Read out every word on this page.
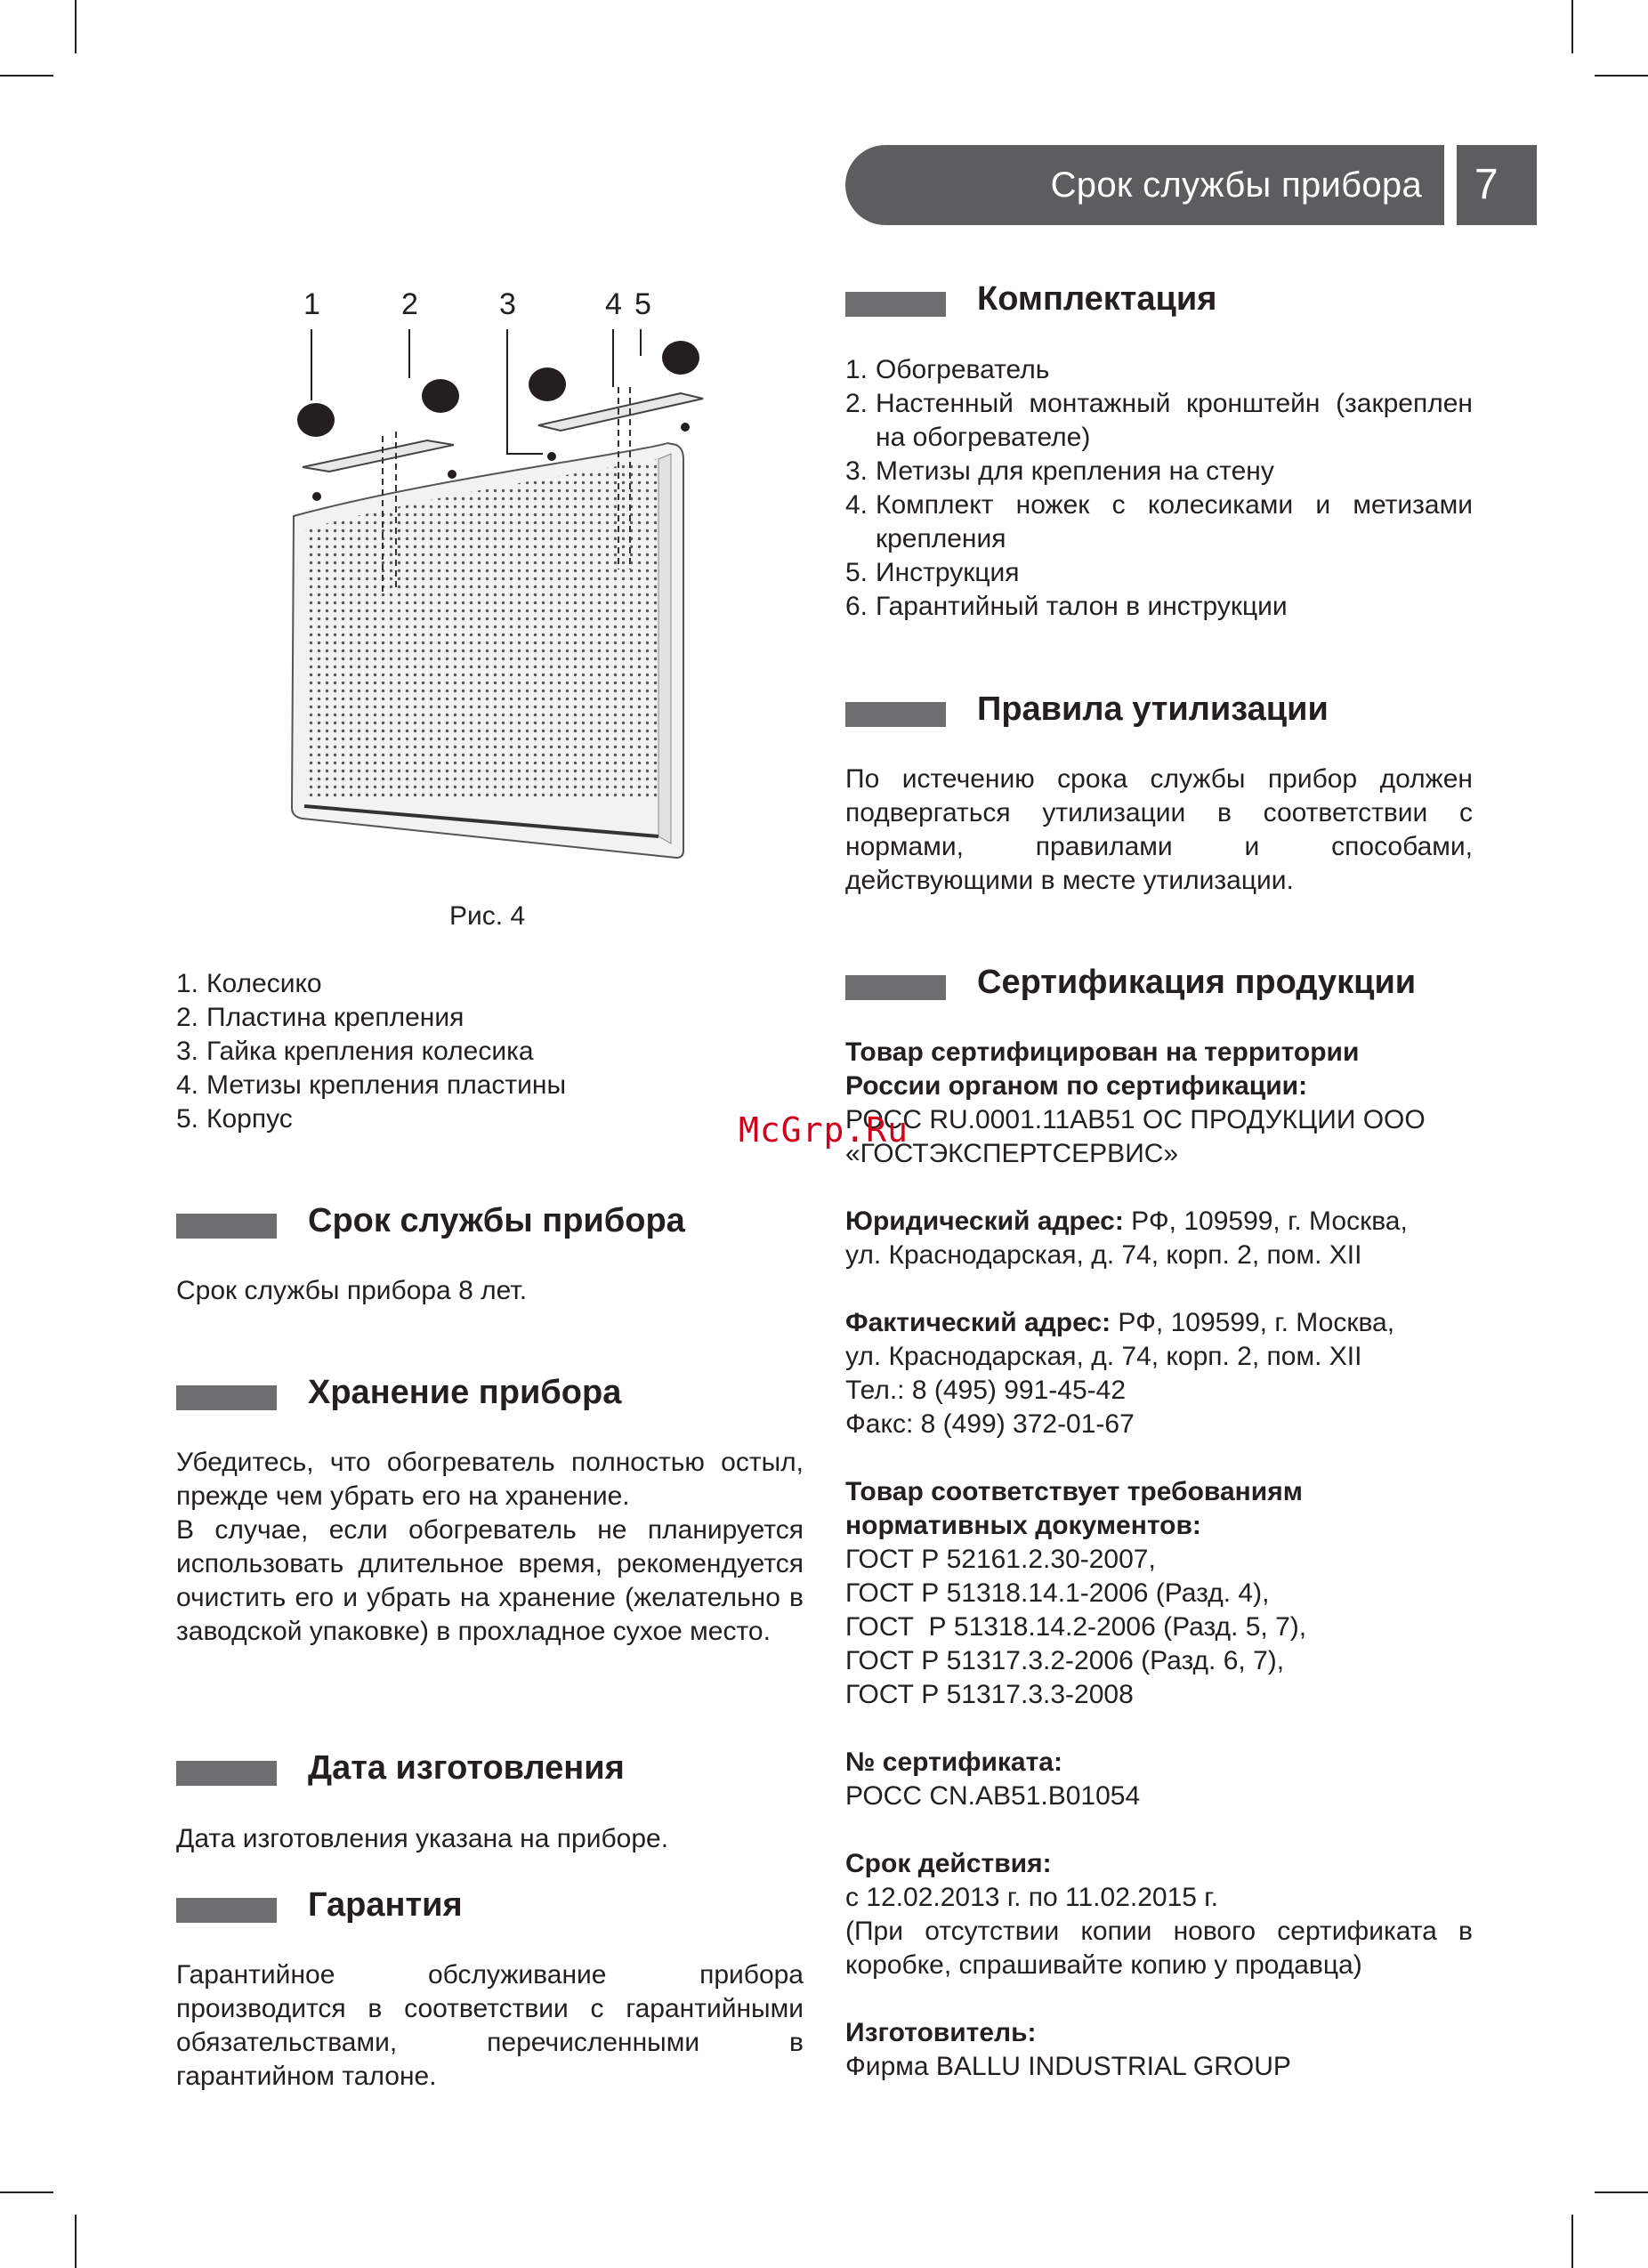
Срок службы прибора	7
1	2	3	4 5
Рис. 4
1. Колесико
2. Пластина крепления
3. Гайка крепления колесика
4. Метизы крепления пластины
5. Корпус
Срок службы прибора

Срок службы прибора 8 лет.

Хранение прибора

Убедитесь, что обогреватель полностью остыл, прежде чем убрать его на хранение.

В случае, если обогреватель не планируется использовать длительное время, рекомендуется очистить его и убрать на хранение (желательно в заводской упаковке) в прохладное сухое место.

Дата изготовления

Дата изготовления указана на приборе.

Гарантия

Гарантийное обслуживание прибора производится в соответствии с гарантийными обязательствами, перечисленными в гарантийном талоне.

Комплектация
1. Обогреватель
2. Настенный монтажный кронштейн (закреплен на обогревателе)
3. Метизы для крепления на стену
4. Комплект ножек с колесиками и метизами крепления
5. Инструкция
6. Гарантийный талон в инструкции
Правила утилизации

По истечению срока службы прибор должен подвергаться утилизации в соответствии с нормами, правилами и способами, действующими в месте утилизации.

Сертификация продукции

Товар сертифицирован на территории

России органом по сертификации:

РОСС RU.0001.11АВ51 ОС ПРОДУКЦИИ ООО

«ГОСТЭКСПЕРТСЕРВИС»

Юридический адрес: РФ, 109599, г. Москва,

ул. Краснодарская, д. 74, корп. 2, пом. XII

Фактический адрес: РФ, 109599, г. Москва,

ул. Краснодарская, д. 74, корп. 2, пом. XII

Тел.: 8 (495) 991-45-42

Факс: 8 (499) 372-01-67

Товар соответствует требованиям

нормативных документов:

ГОСТ Р 52161.2.30-2007,

ГОСТ Р 51318.14.1-2006 (Разд. 4),

ГОСТ  Р 51318.14.2-2006 (Разд. 5, 7),

ГОСТ Р 51317.3.2-2006 (Разд. 6, 7),

ГОСТ Р 51317.3.3-2008

№ сертификата:

РОСС CN.АВ51.В01054

Срок действия:

с 12.02.2013 г. по 11.02.2015 г.

(При отсутствии копии нового сертификата в коробке, спрашивайте копию у продавца)

Изготовитель:

Фирма BALLU INDUSTRIAL GROUP

McGrp.Ru
